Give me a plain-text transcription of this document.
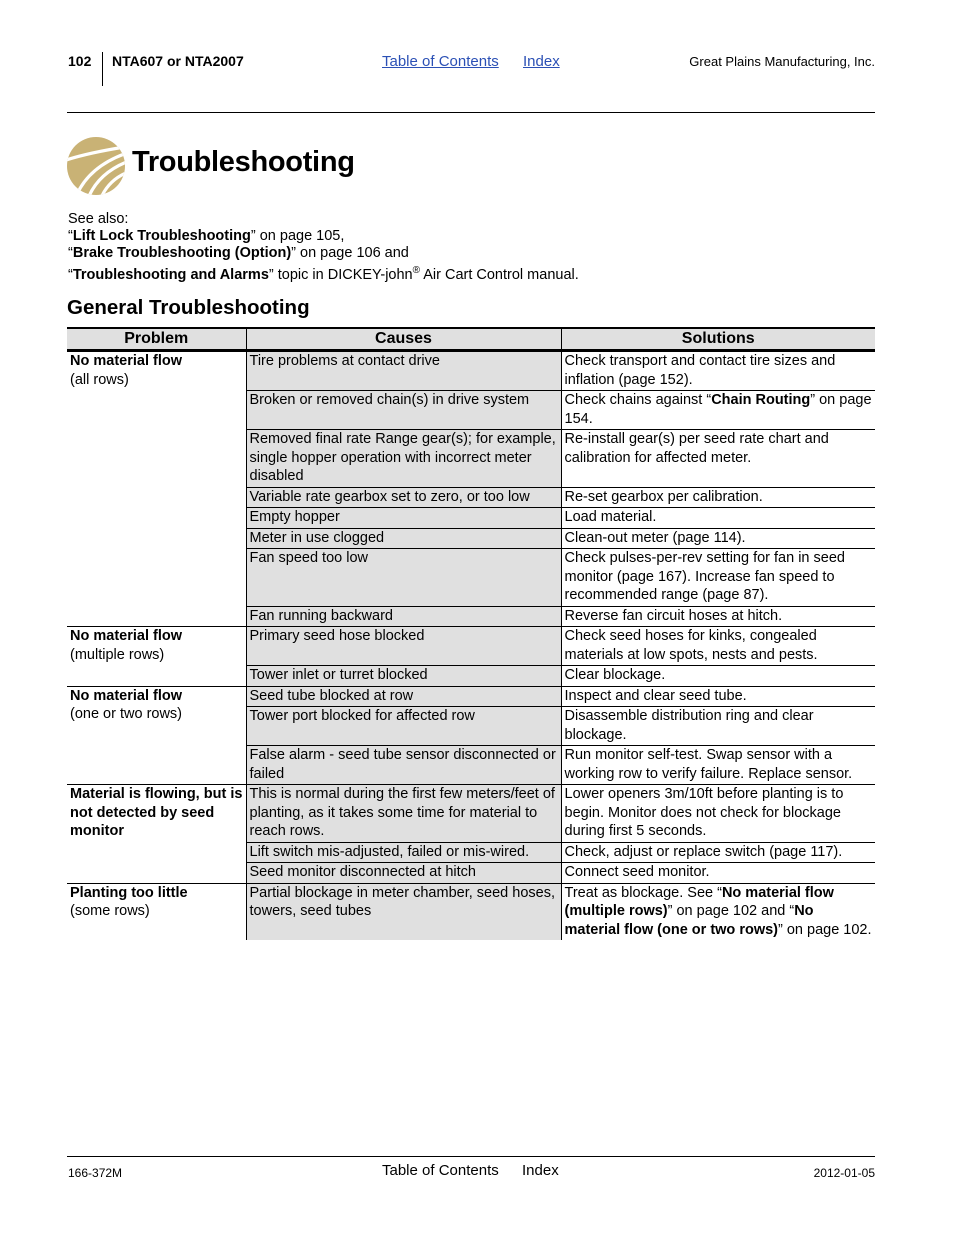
102 NTA607 or NTA2007	Table of Contents Index	Great Plains Manufacturing, Inc.
Troubleshooting
See also:
“Lift Lock Troubleshooting” on page 105,
“Brake Troubleshooting (Option)” on page 106 and
“Troubleshooting and Alarms” topic in DICKEY-john® Air Cart Control manual.
General Troubleshooting
Problem	Causes	Solutions
No material flow
(all rows)	Tire problems at contact drive	Check transport and contact tire sizes and inflation (page 152).
	Broken or removed chain(s) in drive system	Check chains against “Chain Routing” on page 154.
	Removed final rate Range gear(s); for example, single hopper operation with incorrect meter disabled	Re-install gear(s) per seed rate chart and calibration for affected meter.
	Variable rate gearbox set to zero, or too low	Re-set gearbox per calibration.
	Empty hopper	Load material.
	Meter in use clogged	Clean-out meter (page 114).
	Fan speed too low	Check pulses-per-rev setting for fan in seed monitor (page 167). Increase fan speed to recommended range (page 87).
	Fan running backward	Reverse fan circuit hoses at hitch.
No material flow
(multiple rows)	Primary seed hose blocked	Check seed hoses for kinks, congealed materials at low spots, nests and pests.
	Tower inlet or turret blocked	Clear blockage.
No material flow
(one or two rows)	Seed tube blocked at row	Inspect and clear seed tube.
	Tower port blocked for affected row	Disassemble distribution ring and clear blockage.
	False alarm - seed tube sensor disconnected or failed	Run monitor self-test. Swap sensor with a working row to verify failure. Replace sensor.
Material is flowing, but is not detected by seed monitor	This is normal during the first few meters/feet of planting, as it takes some time for material to reach rows.	Lower openers 3m/10ft before planting is to begin. Monitor does not check for blockage during first 5 seconds.
	Lift switch mis-adjusted, failed or mis-wired.	Check, adjust or replace switch (page 117).
	Seed monitor disconnected at hitch	Connect seed monitor.
Planting too little
(some rows)	Partial blockage in meter chamber, seed hoses, towers, seed tubes	Treat as blockage. See “No material flow (multiple rows)” on page 102 and “No material flow (one or two rows)” on page 102.
166-372M	Table of Contents Index	2012-01-05
